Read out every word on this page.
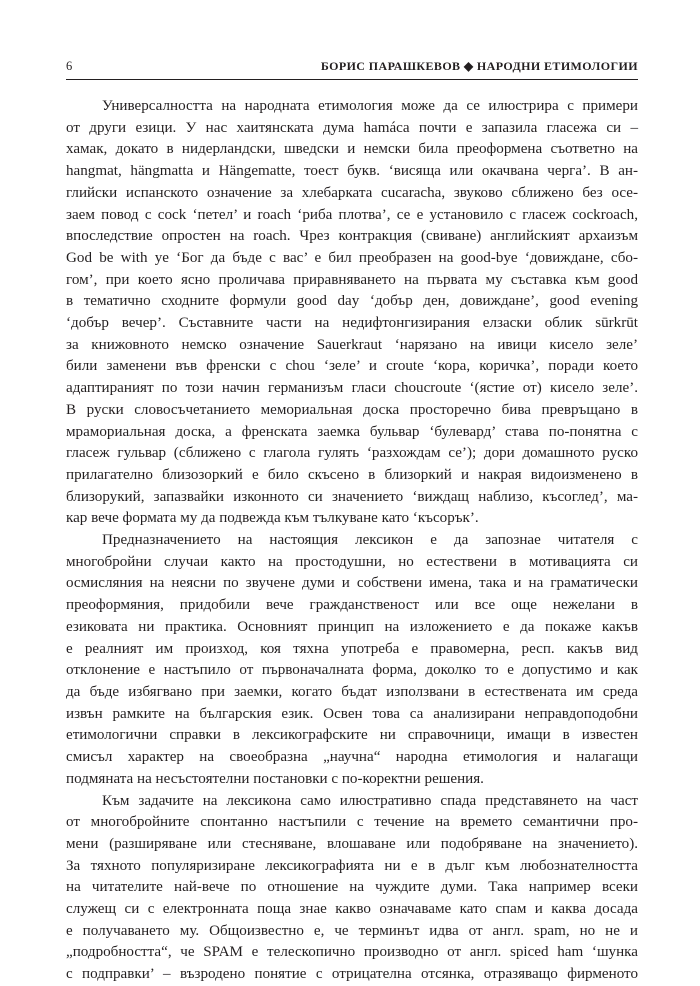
6	БОРИС ПАРАШКЕВОВ ◆ НАРОДНИ ЕТИМОЛОГИИ

Универсалността на народната етимология може да се илюстрира с примери
от други езици. У нас хаитянската дума hamáca почти е запазила гласежа си –
хамак, докато в нидерландски, шведски и немски била преоформена съответно на
hangmat, hängmatta и Hängematte, тоест букв. ‘висяща или окачвана черга’. В ан-
глийски испанското означение за хлебарката cucaracha, звуково сближено без осе-
заем повод с cock ‘петел’ и roach ‘риба плотва’, се е установило с гласеж cockroach,
впоследствие опростен на roach. Чрез контракция (свиване) английският архаизъм
God be with ye ‘Бог да бъде с вас’ е бил преобразен на good-bye ‘довиждане, сбо-
гом’, при което ясно проличава приравняването на първата му съставка към good
в тематично сходните формули good day ‘добър ден, довиждане’, good evening
‘добър вечер’. Съставните части на недифтонгизирания елзаски облик sūrkrūt
за книжовното немско означение Sauerkraut ‘нарязано на ивици кисело зеле’
били заменени във френски с chou ‘зеле’ и croute ‘кора, коричка’, поради което
адаптираният по този начин германизъм гласи choucroute ‘(ястие от) кисело зеле’.
В руски словосъчетанието мемориальная доска просторечно бива превръщано в
мрамориальная доска, а френската заемка бульвар ‘булевард’ става по-понятна с
гласеж гульвар (сближено с глагола гулять ‘разхождам се’); дори домашното руско
прилагателно близозоркий е било скъсено в близоркий и накрая видоизменено в
близорукий, запазвайки изконното си значението ‘виждащ наблизо, късоглед’, ма-
кар вече формата му да подвежда към тълкуване като ‘късорък’.

Предназначението на настоящия лексикон е да запознае читателя с
многобройни случаи както на простодушни, но естествени в мотивацията си
осмисляния на неясни по звучене думи и собствени имена, така и на граматически
преоформяния, придобили вече гражданственост или все още нежелани в
езиковата ни практика. Основният принцип на изложението е да покаже какъв
е реалният им произход, коя тяхна употреба е правомерна, респ. какъв вид
отклонение е настъпило от първоначалната форма, доколко то е допустимо и как
да бъде избягвано при заемки, когато бъдат използвани в естествената им среда
извън рамките на българския език. Освен това са анализирани неправдоподобни
етимологични справки в лексикографските ни справочници, имащи в известен
смисъл характер на своеобразна „научна“ народна етимология и налагащи
подмяната на несъстоятелни постановки с по-коректни решения.

Към задачите на лексикона само илюстративно спада представянето на част
от многобройните спонтанно настъпили с течение на времето семантични про-
мени (разширяване или стесняване, влошаване или подобряване на значението).
За тяхното популяризиране лексикографията ни е в дълг към любознателността
на читателите най-вече по отношение на чуждите думи. Така например всеки
служещ си с електронната поща знае какво означаваме като спам и каква досада
е получаването му. Общоизвестно е, че терминът идва от англ. spam, но не и
„подробността“, че SPAM е телескопично производно от англ. spiced ham ‘шунка
с подправки’ – възродено понятие с отрицателна отсянка, отразяващо фирменото
